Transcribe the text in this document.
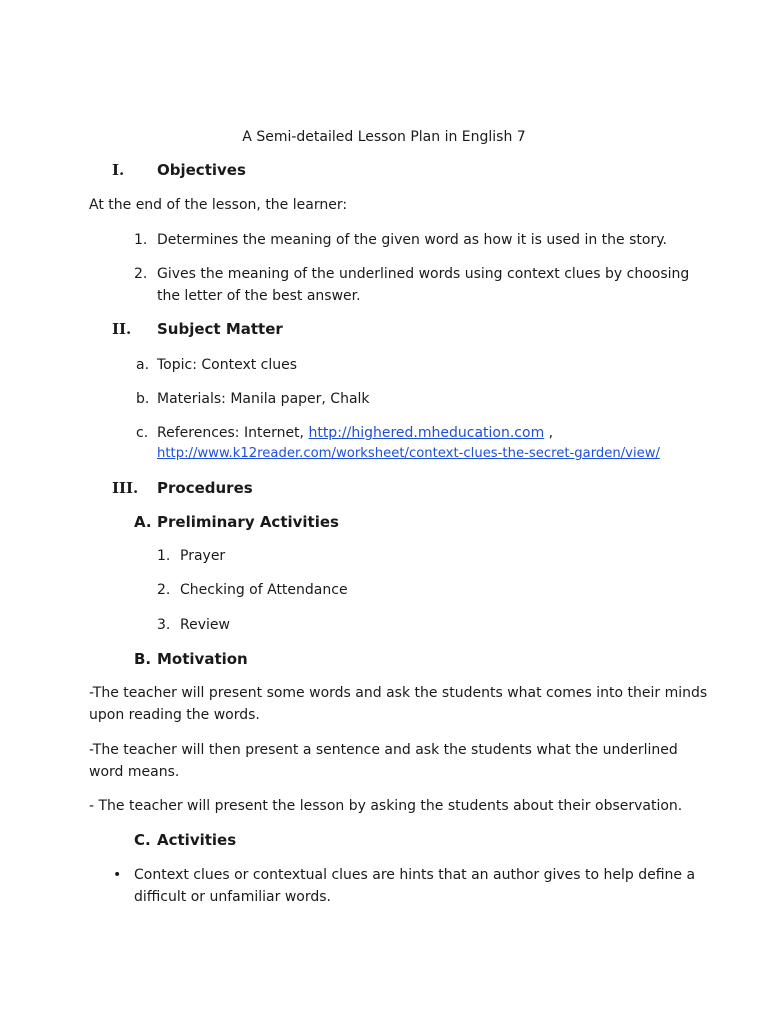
A Semi-detailed Lesson Plan in English 7
I. Objectives
At the end of the lesson, the learner:
1. Determines the meaning of the given word as how it is used in the story.
2. Gives the meaning of the underlined words using context clues by choosing
the letter of the best answer.
II. Subject Matter
a. Topic: Context clues
b. Materials: Manila paper, Chalk
c. References: Internet, http://highered.mheducation.com ,
http://www.k12reader.com/worksheet/context-clues-the-secret-garden/view/
III. Procedures
A. Preliminary Activities
1. Prayer
2. Checking of Attendance
3. Review
B. Motivation
-The teacher will present some words and ask the students what comes into their minds
upon reading the words.
-The teacher will then present a sentence and ask the students what the underlined
word means.
- The teacher will present the lesson by asking the students about their observation.
C. Activities
• Context clues or contextual clues are hints that an author gives to help define a
difficult or unfamiliar words.
